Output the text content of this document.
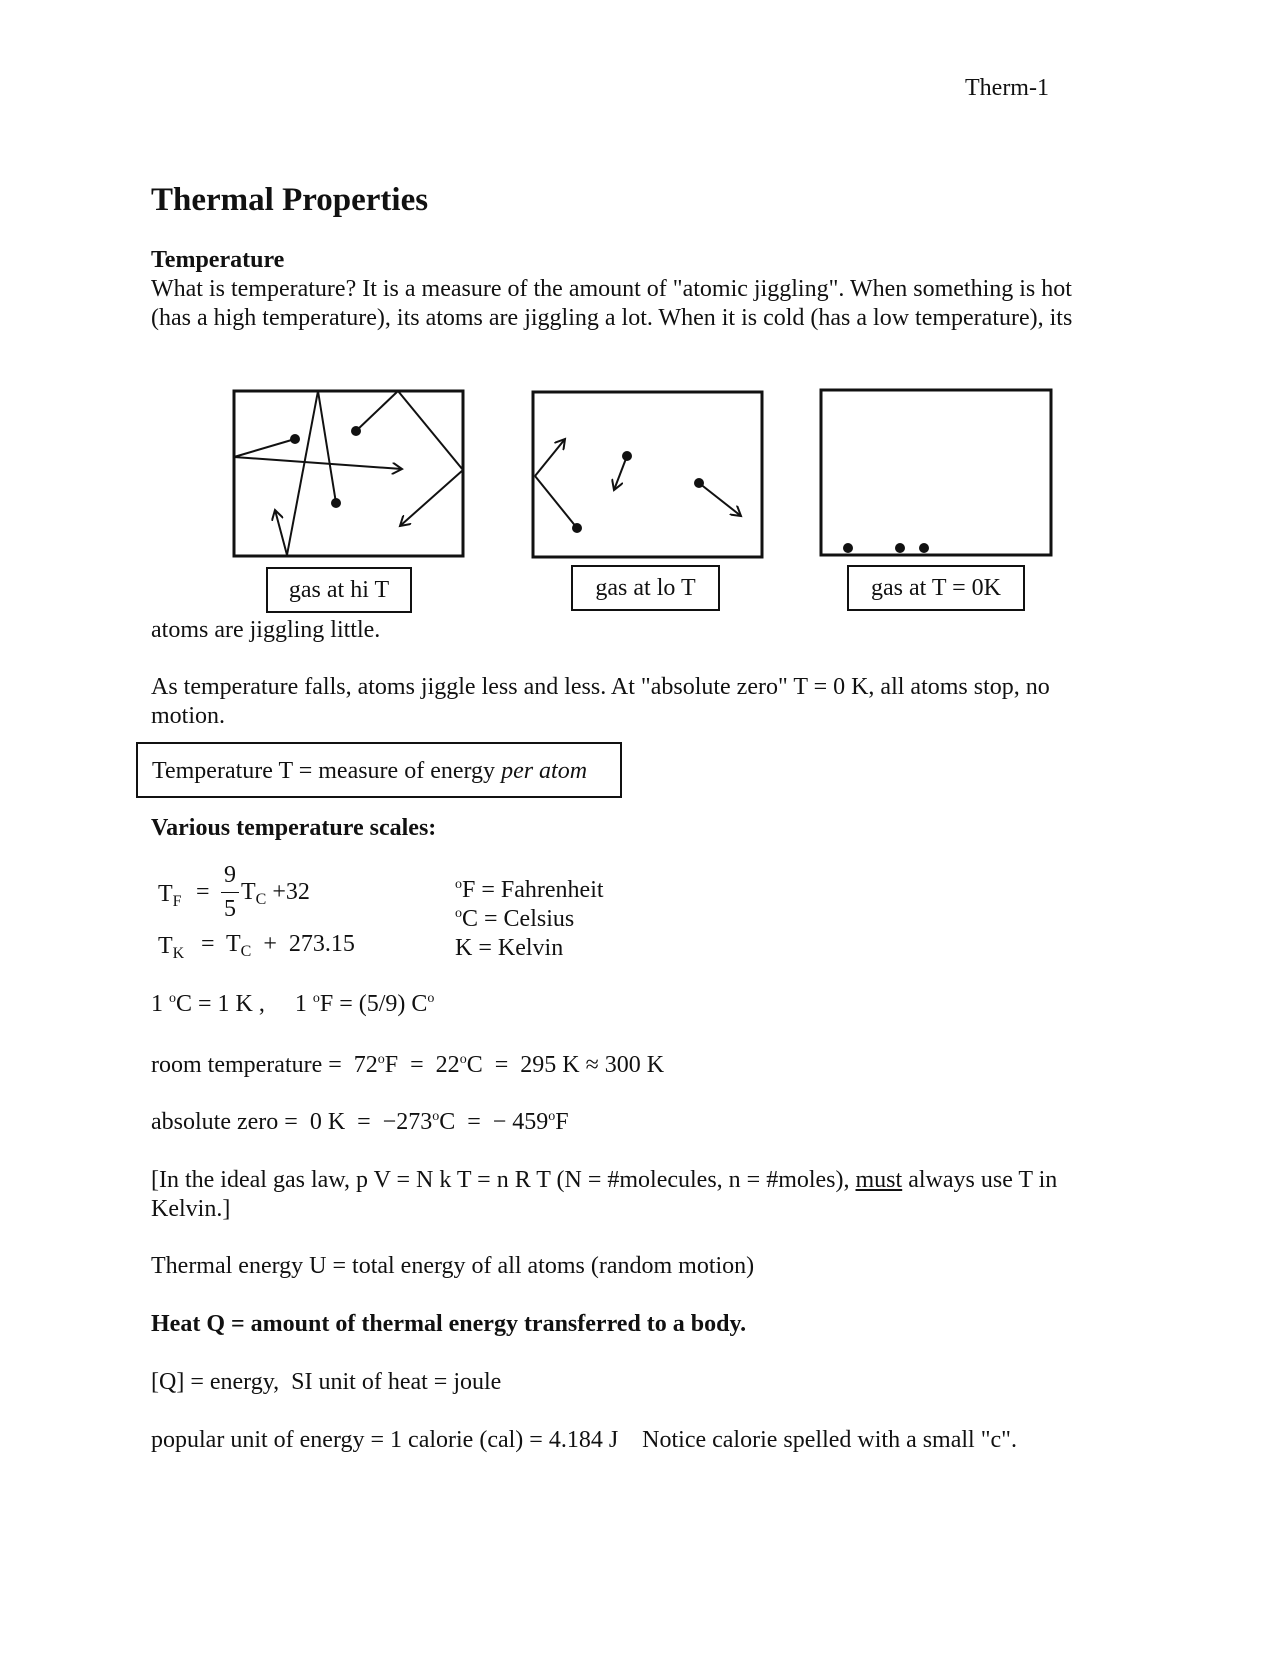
Therm-1
Thermal Properties
Temperature
What is temperature? It is a measure of the amount of "atomic jiggling". When something is hot
(has a high temperature), its atoms are jiggling a lot. When it is cold (has a low temperature), its
gas at hi T	gas at lo T	gas at T = 0K
atoms are jiggling little.
As temperature falls, atoms jiggle less and less. At "absolute zero" T = 0 K, all atoms stop, no
motion.
Temperature T = measure of energy per atom
Various temperature scales:
$T_F$ =
9
5
$T_C +32$
$T_K = T_C + 273.15$
$^o$F = Fahrenheit
$^o$C = Celsius
K = Kelvin
1 $^o$C = 1 K , 1 $^o$F = (5/9) $C^o$
room temperature =  72$^o$F  =  22$^o$C  =  295 K ≈ 300 K
absolute zero =  0 $K = -273^oC$  =  − $459^oF$
[In the ideal gas law, p V = N k T = n R T (N = #molecules, n = #moles), must always use T in
Kelvin.]
Thermal energy U = total energy of all atoms (random motion)
Heat Q = amount of thermal energy transferred to a body.
[Q] = energy,  SI unit of heat = joule
popular unit of energy = 1 calorie (cal) = 4.184 J    Notice calorie spelled with a small "c".
